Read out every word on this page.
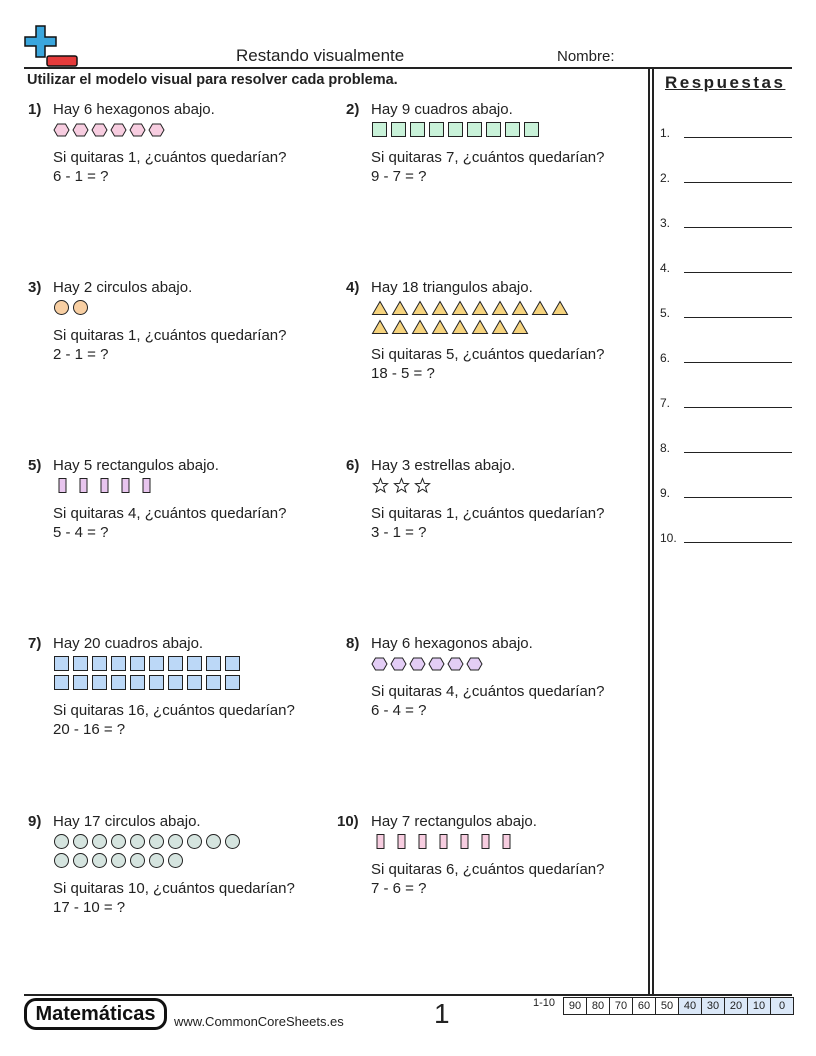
Restando visualmente	Nombre:
Utilizar el modelo visual para resolver cada problema.	Respuestas
1.
2.
3.
4.
5.
6.
7.
8.
9.
10.
1) Hay 6 hexagonos abajo.
Si quitaras 1, ¿cuántos quedarían?
6 - 1 = ?
2) Hay 9 cuadros abajo.
Si quitaras 7, ¿cuántos quedarían?
9 - 7 = ?
3) Hay 2 circulos abajo.
Si quitaras 1, ¿cuántos quedarían?
2 - 1 = ?
4) Hay 18 triangulos abajo.
Si quitaras 5, ¿cuántos quedarían?
18 - 5 = ?
5) Hay 5 rectangulos abajo.
Si quitaras 4, ¿cuántos quedarían?
5 - 4 = ?
6) Hay 3 estrellas abajo.
Si quitaras 1, ¿cuántos quedarían?
3 - 1 = ?
7) Hay 20 cuadros abajo.
Si quitaras 16, ¿cuántos quedarían?
20 - 16 = ?
8) Hay 6 hexagonos abajo.
Si quitaras 4, ¿cuántos quedarían?
6 - 4 = ?
9) Hay 17 circulos abajo.
Si quitaras 10, ¿cuántos quedarían?
17 - 10 = ?
10) Hay 7 rectangulos abajo.
Si quitaras 6, ¿cuántos quedarían?
7 - 6 = ?
Matemáticas	www.CommonCoreSheets.es	1	1-10	90 80 70 60 50 40 30 20 10	0
